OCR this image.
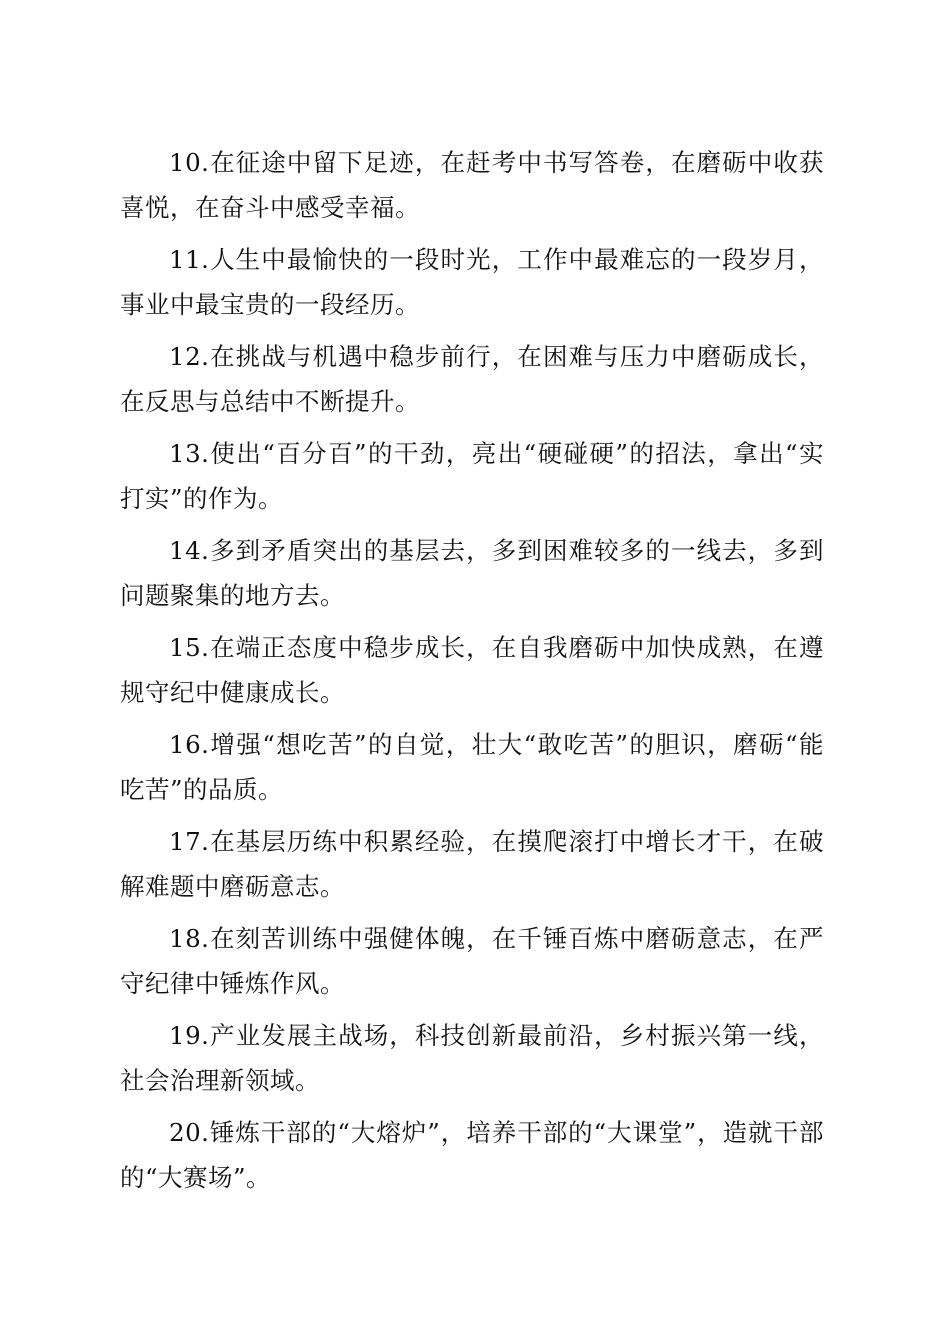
10.在征途中留下足迹，在赶考中书写答卷，在磨砺中收获喜悦，在奋斗中感受幸福。

11.人生中最愉快的一段时光，工作中最难忘的一段岁月，事业中最宝贵的一段经历。

12.在挑战与机遇中稳步前行，在困难与压力中磨砺成长，在反思与总结中不断提升。

13.使出“百分百”的干劲，亮出“硬碰硬”的招法，拿出“实打实”的作为。

14.多到矛盾突出的基层去，多到困难较多的一线去，多到问题聚集的地方去。

15.在端正态度中稳步成长，在自我磨砺中加快成熟，在遵规守纪中健康成长。

16.增强“想吃苦”的自觉，壮大“敢吃苦”的胆识，磨砺“能吃苦”的品质。

17.在基层历练中积累经验，在摸爬滚打中增长才干，在破解难题中磨砺意志。

18.在刻苦训练中强健体魄，在千锤百炼中磨砺意志，在严守纪律中锤炼作风。

19.产业发展主战场，科技创新最前沿，乡村振兴第一线，社会治理新领域。

20.锤炼干部的“大熔炉”，培养干部的“大课堂”，造就干部的“大赛场”。
